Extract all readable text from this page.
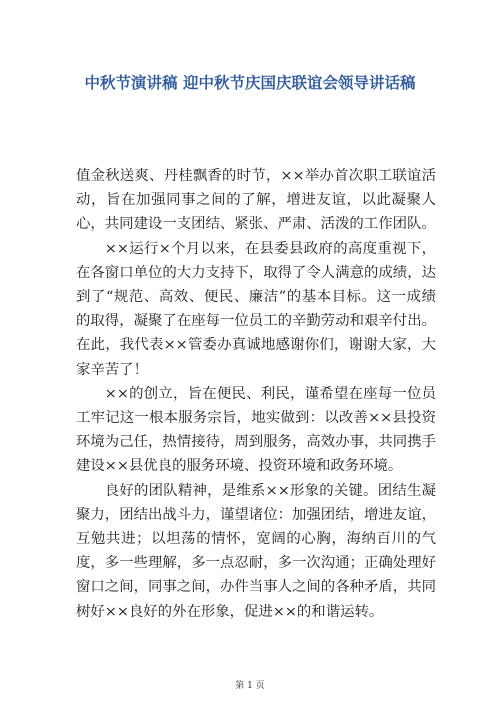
中秋节演讲稿 迎中秋节庆国庆联谊会领导讲话稿

值金秋送爽、丹桂飘香的时节，××举办首次职工联谊活动，旨在加强同事之间的了解，增进友谊，以此凝聚人心，共同建设一支团结、紧张、严肃、活泼的工作团队。

××运行×个月以来，在县委县政府的高度重视下，在各窗口单位的大力支持下，取得了令人满意的成绩，达到了“规范、高效、便民、廉洁”的基本目标。这一成绩的取得，凝聚了在座每一位员工的辛勤劳动和艰辛付出。在此，我代表××管委办真诚地感谢你们，谢谢大家，大家辛苦了！

××的创立，旨在便民、利民，谨希望在座每一位员工牢记这一根本服务宗旨，地实做到：以改善××县投资环境为己任，热情接待，周到服务，高效办事，共同携手建设××县优良的服务环境、投资环境和政务环境。

良好的团队精神，是维系××形象的关键。团结生凝聚力，团结出战斗力，谨望诸位：加强团结，增进友谊，互勉共进；以坦荡的情怀，宽阔的心胸，海纳百川的气度，多一些理解，多一点忍耐，多一次沟通；正确处理好窗口之间，同事之间，办件当事人之间的各种矛盾，共同树好××良好的外在形象，促进××的和谐运转。

第 1 页
